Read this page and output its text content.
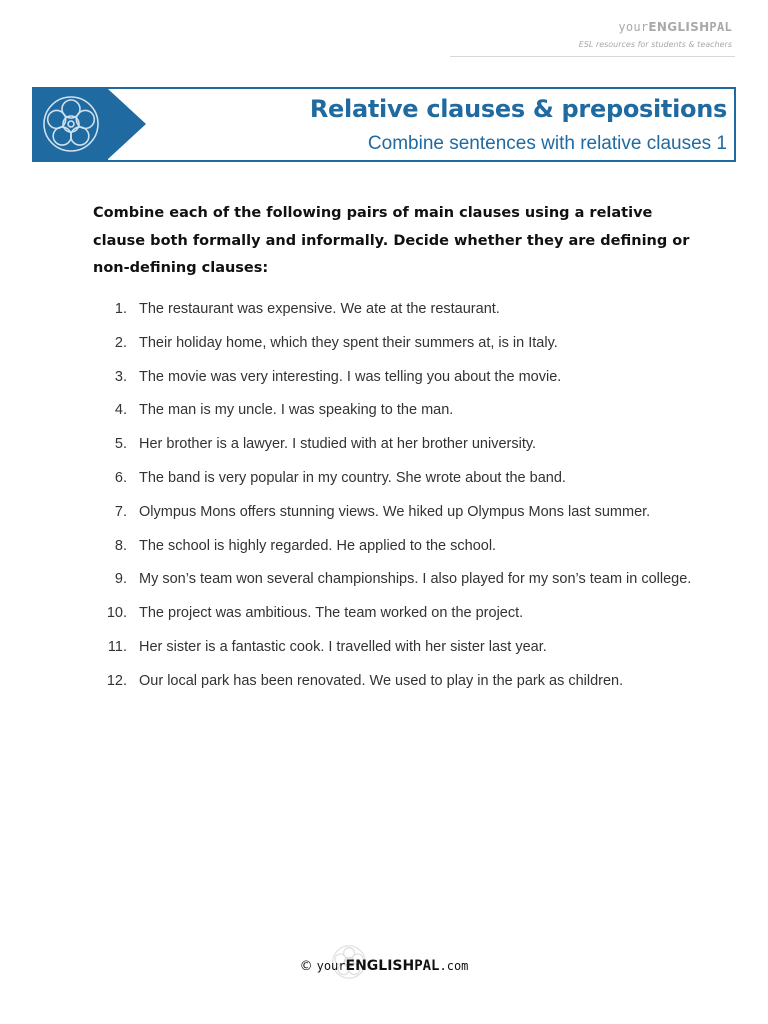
yourENGLISHPAL
ESL resources for students & teachers
Relative clauses & prepositions
Combine sentences with relative clauses 1
Combine each of the following pairs of main clauses using a relative clause both formally and informally. Decide whether they are defining or non-defining clauses:
1. The restaurant was expensive. We ate at the restaurant.
2. Their holiday home, which they spent their summers at, is in Italy.
3. The movie was very interesting. I was telling you about the movie.
4. The man is my uncle. I was speaking to the man.
5. Her brother is a lawyer. I studied with at her brother university.
6. The band is very popular in my country. She wrote about the band.
7. Olympus Mons offers stunning views. We hiked up Olympus Mons last summer.
8. The school is highly regarded. He applied to the school.
9. My son’s team won several championships. I also played for my son’s team in college.
10. The project was ambitious. The team worked on the project.
11. Her sister is a fantastic cook. I travelled with her sister last year.
12. Our local park has been renovated. We used to play in the park as children.
© yourENGLISHPAL.com
